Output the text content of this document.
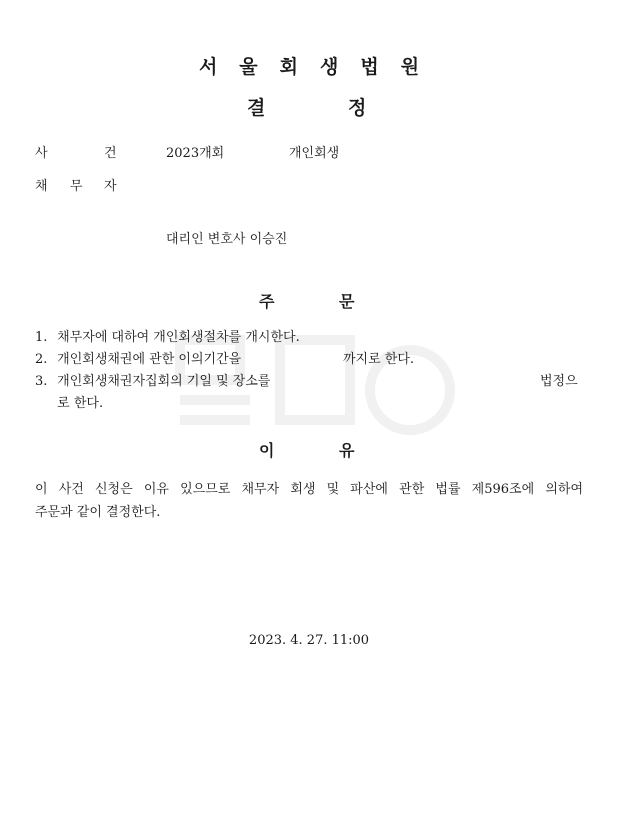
서울회생법원
결	정
사	건	2023개회	개인회생
채 무 자
대리인 변호사 이승진
주	문
1. 채무자에 대하여 개인회생절차를 개시한다.
2. 개인회생채권에 관한 이의기간을	까지로 한다.
3. 개인회생채권자집회의 기일 및 장소를	법정으
로 한다.
이	유
이 사건 신청은 이유 있으므로 채무자 회생 및 파산에 관한 법률 제596조에 의하여
주문과 같이 결정한다.
2023. 4. 27. 11:00
